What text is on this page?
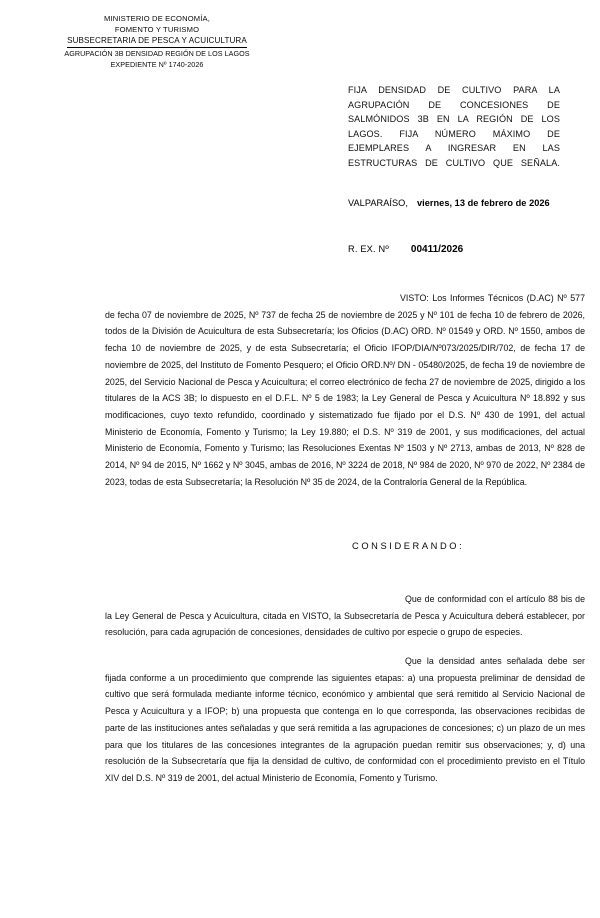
MINISTERIO DE ECONOMÍA,
FOMENTO Y TURISMO
SUBSECRETARIA DE PESCA Y ACUICULTURA
AGRUPACIÓN 3B DENSIDAD REGIÓN DE LOS LAGOS
EXPEDIENTE Nº 1740-2026
FIJA DENSIDAD DE CULTIVO PARA LA AGRUPACIÓN DE CONCESIONES DE SALMÓNIDOS 3B EN LA REGIÓN DE LOS LAGOS. FIJA NÚMERO MÁXIMO DE EJEMPLARES A INGRESAR EN LAS ESTRUCTURAS DE CULTIVO QUE SEÑALA.
VALPARAÍSO, viernes, 13 de febrero de 2026
R. EX. Nº 00411/2026

VISTO: Los Informes Técnicos (D.AC) Nº 577 de fecha 07 de noviembre de 2025, Nº 737 de fecha 25 de noviembre de 2025 y Nº 101 de fecha 10 de febrero de 2026, todos de la División de Acuicultura de esta Subsecretaría; los Oficios (D.AC) ORD. Nº 01549 y ORD. Nº 1550, ambos de fecha 10 de noviembre de 2025, y de esta Subsecretaría; el Oficio IFOP/DIA/Nº073/2025/DIR/702, de fecha 17 de noviembre de 2025, del Instituto de Fomento Pesquero; el Oficio ORD.Nº/ DN - 05480/2025, de fecha 19 de noviembre de 2025, del Servicio Nacional de Pesca y Acuicultura; el correo electrónico de fecha 27 de noviembre de 2025, dirigido a los titulares de la ACS 3B; lo dispuesto en el D.F.L. Nº 5 de 1983; la Ley General de Pesca y Acuicultura Nº 18.892 y sus modificaciones, cuyo texto refundido, coordinado y sistematizado fue fijado por el D.S. Nº 430 de 1991, del actual Ministerio de Economía, Fomento y Turismo; la Ley 19.880; el D.S. Nº 319 de 2001, y sus modificaciones, del actual Ministerio de Economía, Fomento y Turismo; las Resoluciones Exentas Nº 1503 y Nº 2713, ambas de 2013, Nº 828 de 2014, Nº 94 de 2015, Nº 1662 y Nº 3045, ambas de 2016, Nº 3224 de 2018, Nº 984 de 2020, Nº 970 de 2022, Nº 2384 de 2023, todas de esta Subsecretaría; la Resolución Nº 35 de 2024, de la Contraloría General de la República.

CONSIDERANDO:

Que de conformidad con el artículo 88 bis de la Ley General de Pesca y Acuicultura, citada en VISTO, la Subsecretaría de Pesca y Acuicultura deberá establecer, por resolución, para cada agrupación de concesiones, densidades de cultivo por especie o grupo de especies.

Que la densidad antes señalada debe ser fijada conforme a un procedimiento que comprende las siguientes etapas: a) una propuesta preliminar de densidad de cultivo que será formulada mediante informe técnico, económico y ambiental que será remitido al Servicio Nacional de Pesca y Acuicultura y a IFOP; b) una propuesta que contenga en lo que corresponda, las observaciones recibidas de parte de las instituciones antes señaladas y que será remitida a las agrupaciones de concesiones; c) un plazo de un mes para que los titulares de las concesiones integrantes de la agrupación puedan remitir sus observaciones; y, d) una resolución de la Subsecretaría que fija la densidad de cultivo, de conformidad con el procedimiento previsto en el Título XIV del D.S. Nº 319 de 2001, del actual Ministerio de Economía, Fomento y Turismo.
